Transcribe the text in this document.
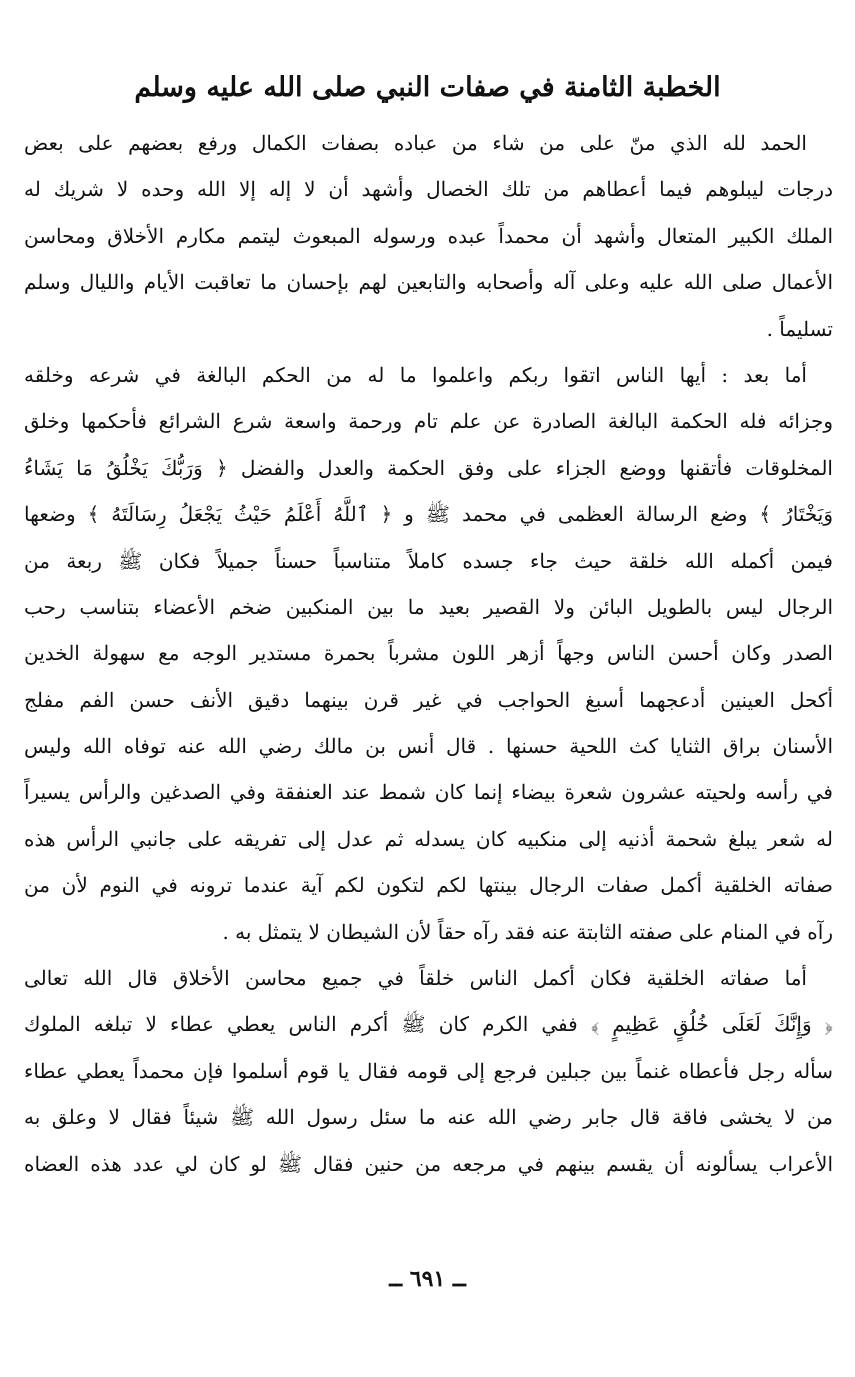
الخطبة الثامنة في صفات النبي صلى الله عليه وسلم
الحمد لله الذي منّ على من شاء من عباده بصفات الكمال ورفع بعضهم على بعض
درجات ليبلوهم فيما أعطاهم من تلك الخصال وأشهد أن لا إله إلا الله وحده لا شريك له
الملك الكبير المتعال وأشهد أن محمداً عبده ورسوله المبعوث ليتمم مكارم الأخلاق ومحاسن
الأعمال صلى الله عليه وعلى آله وأصحابه والتابعين لهم بإحسان ما تعاقبت الأيام والليال وسلم
تسليماً .
أما بعد : أيها الناس اتقوا ربكم واعلموا ما له من الحكم البالغة في شرعه وخلقه
وجزائه فله الحكمة البالغة الصادرة عن علم تام ورحمة واسعة شرع الشرائع فأحكمها وخلق
المخلوقات فأتقنها ووضع الجزاء على وفق الحكمة والعدل والفضل ﴿ وَرَبُّكَ يَخْلُقُ مَا يَشَاءُ
وَيَخْتَارُ ﴾ وضع الرسالة العظمى في محمد ﷺ و ﴿ ٱللَّهُ أَعْلَمُ حَيْثُ يَجْعَلُ رِسَالَتَهُ ﴾ وضعها
فيمن أكمله الله خلقة حيث جاء جسده كاملاً متناسباً حسناً جميلاً فكان ﷺ ربعة من
الرجال ليس بالطويل البائن ولا القصير بعيد ما بين المنكبين ضخم الأعضاء بتناسب رحب
الصدر وكان أحسن الناس وجهاً أزهر اللون مشرباً بحمرة مستدير الوجه مع سهولة الخدين
أكحل العينين أدعجهما أسبغ الحواجب في غير قرن بينهما دقيق الأنف حسن الفم مفلج
الأسنان براق الثنايا كث اللحية حسنها . قال أنس بن مالك رضي الله عنه توفاه الله وليس
في رأسه ولحيته عشرون شعرة بيضاء إنما كان شمط عند العنفقة وفي الصدغين والرأس يسيراً
له شعر يبلغ شحمة أذنيه إلى منكبيه كان يسدله ثم عدل إلى تفريقه على جانبي الرأس هذه
صفاته الخلقية أكمل صفات الرجال بينتها لكم لتكون لكم آية عندما ترونه في النوم لأن من
رآه في المنام على صفته الثابتة عنه فقد رآه حقاً لأن الشيطان لا يتمثل به .
أما صفاته الخلقية فكان أكمل الناس خلقاً في جميع محاسن الأخلاق قال الله تعالى
﴿ وَإِنَّكَ لَعَلَى خُلُقٍ عَظِيمٍ ﴾ ففي الكرم كان ﷺ أكرم الناس يعطي عطاء لا تبلغه الملوك
سأله رجل فأعطاه غنماً بين جبلين فرجع إلى قومه فقال يا قوم أسلموا فإن محمداً يعطي عطاء
من لا يخشى فاقة قال جابر رضي الله عنه ما سئل رسول الله ﷺ شيئاً فقال لا وعلق به
الأعراب يسألونه أن يقسم بينهم في مرجعه من حنين فقال ﷺ لو كان لي عدد هذه العضاه
ــ ٦٩١ ــ
